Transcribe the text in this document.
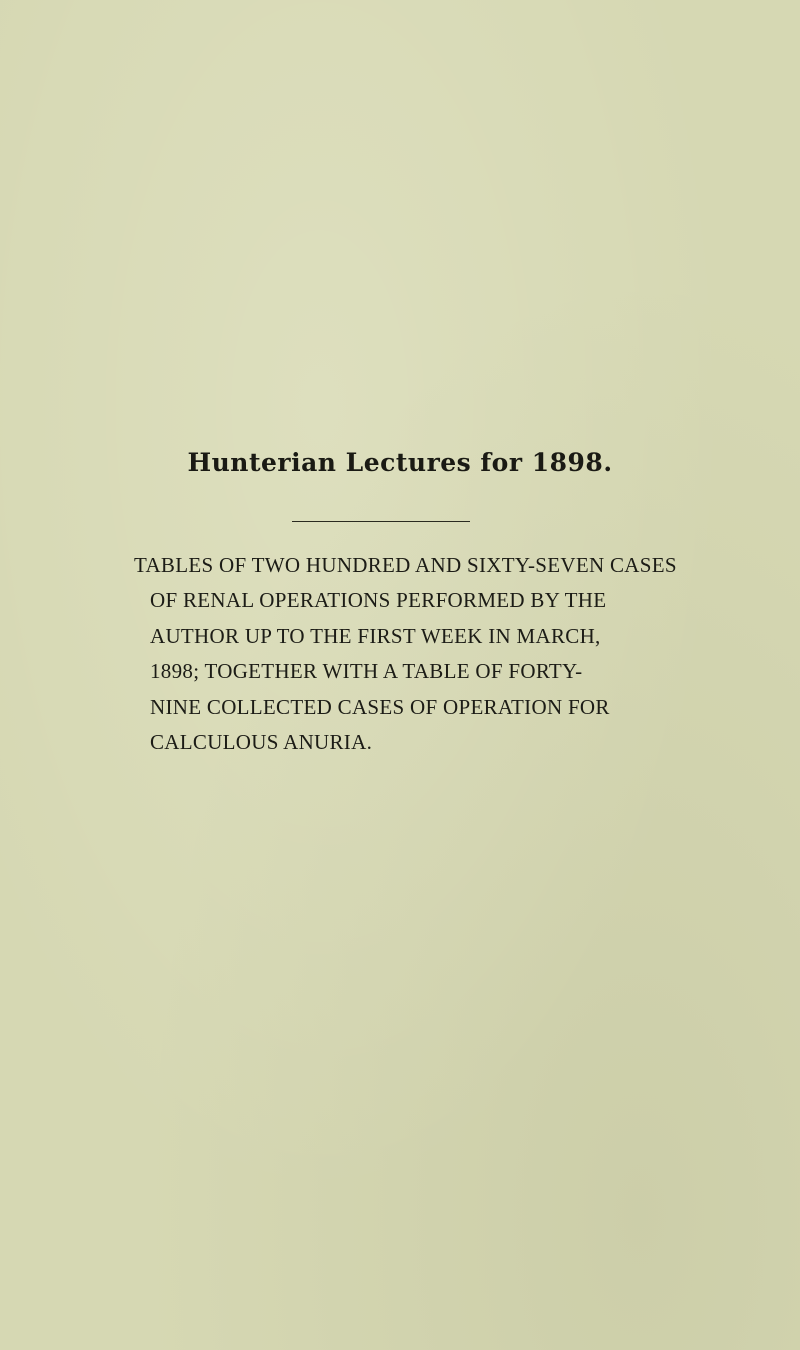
Hunterian Lectures for 1898.
TABLES OF TWO HUNDRED AND SIXTY-SEVEN CASES
OF RENAL OPERATIONS PERFORMED BY THE
AUTHOR UP TO THE FIRST WEEK IN MARCH,
1898; TOGETHER WITH A TABLE OF FORTY-
NINE COLLECTED CASES OF OPERATION FOR
CALCULOUS ANURIA.
